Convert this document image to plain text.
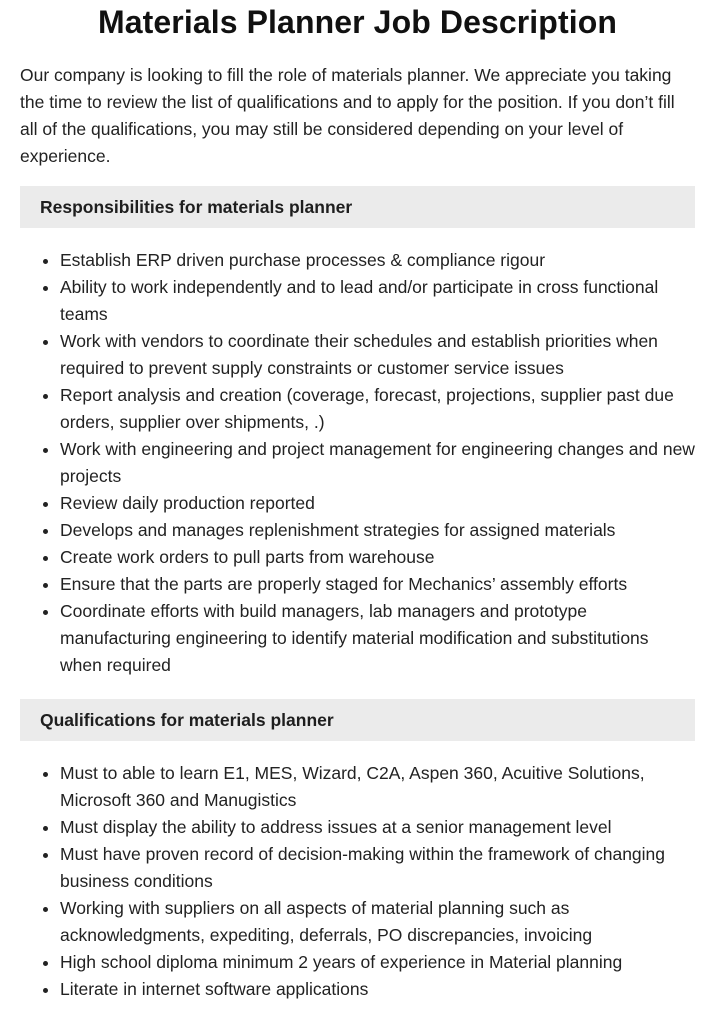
Materials Planner Job Description

Our company is looking to fill the role of materials planner. We appreciate you taking the time to review the list of qualifications and to apply for the position. If you don’t fill all of the qualifications, you may still be considered depending on your level of experience.

Responsibilities for materials planner
• Establish ERP driven purchase processes & compliance rigour
• Ability to work independently and to lead and/or participate in cross functional teams
• Work with vendors to coordinate their schedules and establish priorities when required to prevent supply constraints or customer service issues
• Report analysis and creation (coverage, forecast, projections, supplier past due orders, supplier over shipments, .)
• Work with engineering and project management for engineering changes and new projects
• Review daily production reported
• Develops and manages replenishment strategies for assigned materials
• Create work orders to pull parts from warehouse
• Ensure that the parts are properly staged for Mechanics’ assembly efforts
• Coordinate efforts with build managers, lab managers and prototype manufacturing engineering to identify material modification and substitutions when required
Qualifications for materials planner
• Must to able to learn E1, MES, Wizard, C2A, Aspen 360, Acuitive Solutions, Microsoft 360 and Manugistics
• Must display the ability to address issues at a senior management level
• Must have proven record of decision-making within the framework of changing business conditions
• Working with suppliers on all aspects of material planning such as acknowledgments, expediting, deferrals, PO discrepancies, invoicing
• High school diploma minimum 2 years of experience in Material planning
• Literate in internet software applications
